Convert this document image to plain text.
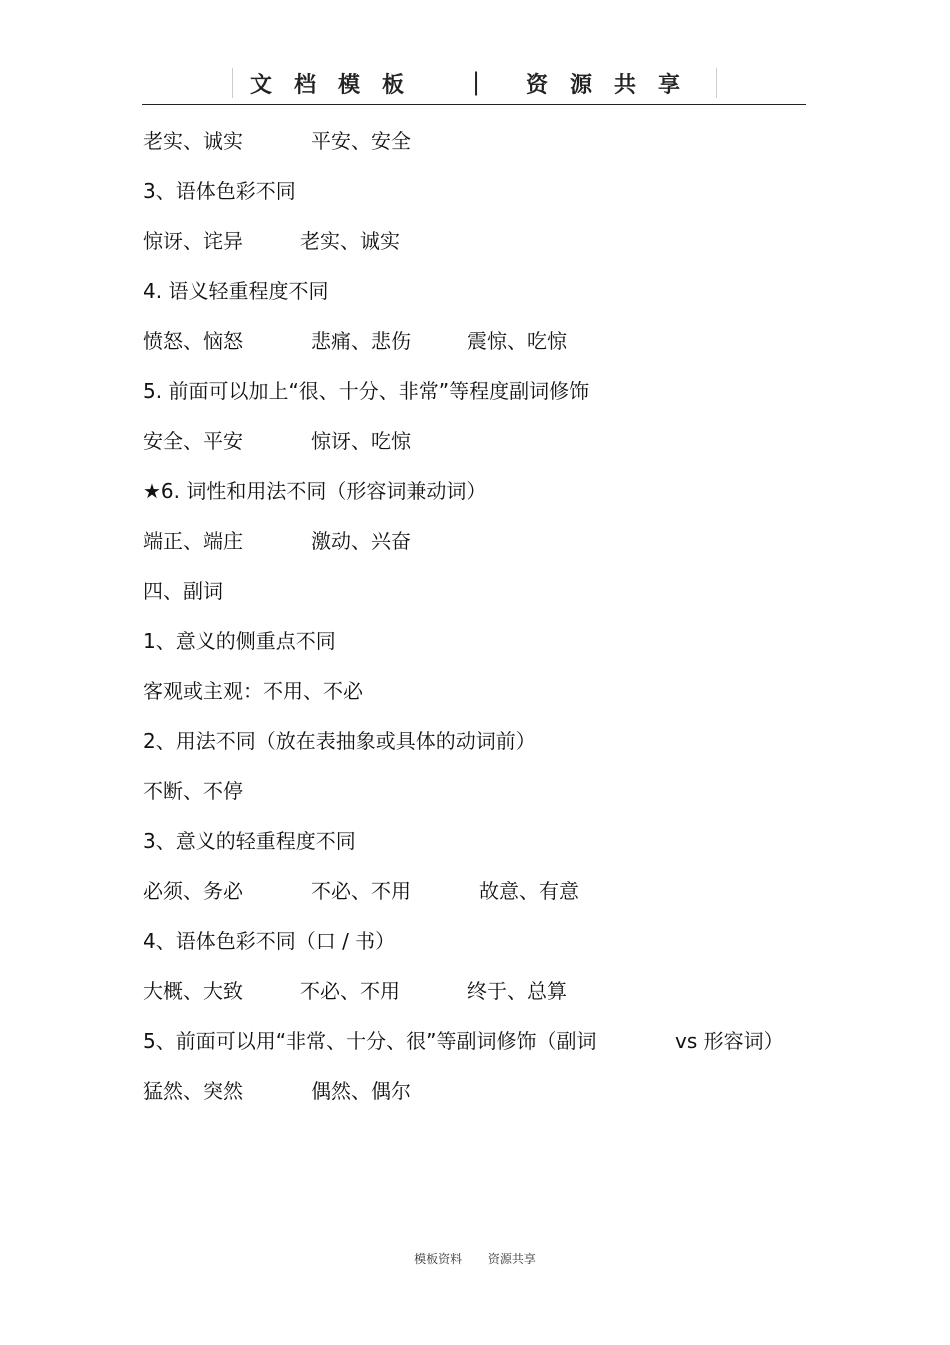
文档模板 | 资源共享
老实、诚实	平安、安全
3、语体色彩不同
惊讶、诧异	老实、诚实
4. 语义轻重程度不同
愤怒、恼怒	悲痛、悲伤	震惊、吃惊
5. 前面可以加上“很、十分、非常”等程度副词修饰
安全、平安	惊讶、吃惊
★6. 词性和用法不同（形容词兼动词）
端正、端庄	激动、兴奋
四、副词
1、意义的侧重点不同
客观或主观：不用、不必
2、用法不同（放在表抽象或具体的动词前）
不断、不停
3、意义的轻重程度不同
必须、务必	不必、不用	故意、有意
4、语体色彩不同（口 / 书）
大概、大致	不必、不用	终于、总算
5、前面可以用“非常、十分、很”等副词修饰（副词	vs 形容词）
猛然、突然	偶然、偶尔
模板资料 资源共享
